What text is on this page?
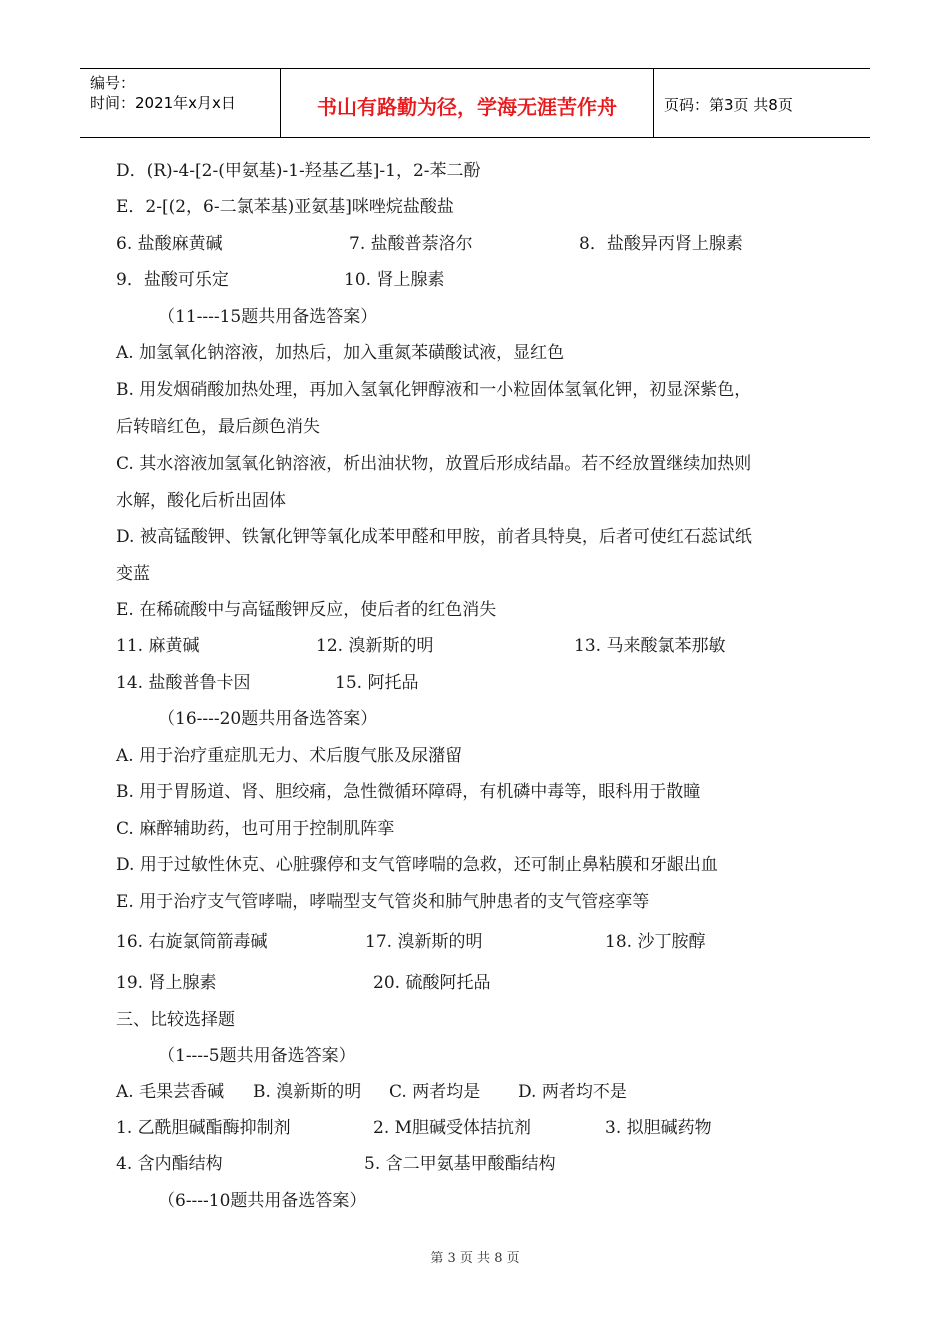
编号：
时间：2021年x月x日	书山有路勤为径，学海无涯苦作舟	页码：第3页 共8页
D．(R)-4-[2-(甲氨基)-1-羟基乙基]-1，2-苯二酚
E．2-[(2，6-二氯苯基)亚氨基]咪唑烷盐酸盐
6. 盐酸麻黄碱	7. 盐酸普萘洛尔	8．盐酸异丙肾上腺素
9．盐酸可乐定	10. 肾上腺素
（11----15题共用备选答案）
A. 加氢氧化钠溶液，加热后，加入重氮苯磺酸试液，显红色
B. 用发烟硝酸加热处理，再加入氢氧化钾醇液和一小粒固体氢氧化钾，初显深紫色，
后转暗红色，最后颜色消失
C. 其水溶液加氢氧化钠溶液，析出油状物，放置后形成结晶。若不经放置继续加热则
水解，酸化后析出固体
D. 被高锰酸钾、铁氰化钾等氧化成苯甲醛和甲胺，前者具特臭，后者可使红石蕊试纸
变蓝
E. 在稀硫酸中与高锰酸钾反应，使后者的红色消失
11. 麻黄碱	12. 溴新斯的明	13. 马来酸氯苯那敏
14. 盐酸普鲁卡因	15. 阿托品
（16----20题共用备选答案）
A. 用于治疗重症肌无力、术后腹气胀及尿潴留
B. 用于胃肠道、肾、胆绞痛，急性微循环障碍，有机磷中毒等，眼科用于散瞳
C. 麻醉辅助药，也可用于控制肌阵挛
D. 用于过敏性休克、心脏骤停和支气管哮喘的急救，还可制止鼻粘膜和牙龈出血
E. 用于治疗支气管哮喘，哮喘型支气管炎和肺气肿患者的支气管痉挛等
16. 右旋氯筒箭毒碱	17. 溴新斯的明	18. 沙丁胺醇
19. 肾上腺素	20. 硫酸阿托品
三、比较选择题
（1----5题共用备选答案）
A. 毛果芸香碱 B. 溴新斯的明 C. 两者均是 D. 两者均不是
1. 乙酰胆碱酯酶抑制剂	2. M胆碱受体拮抗剂	3. 拟胆碱药物
4. 含内酯结构	5. 含二甲氨基甲酸酯结构
（6----10题共用备选答案）
第 3 页 共 8 页
